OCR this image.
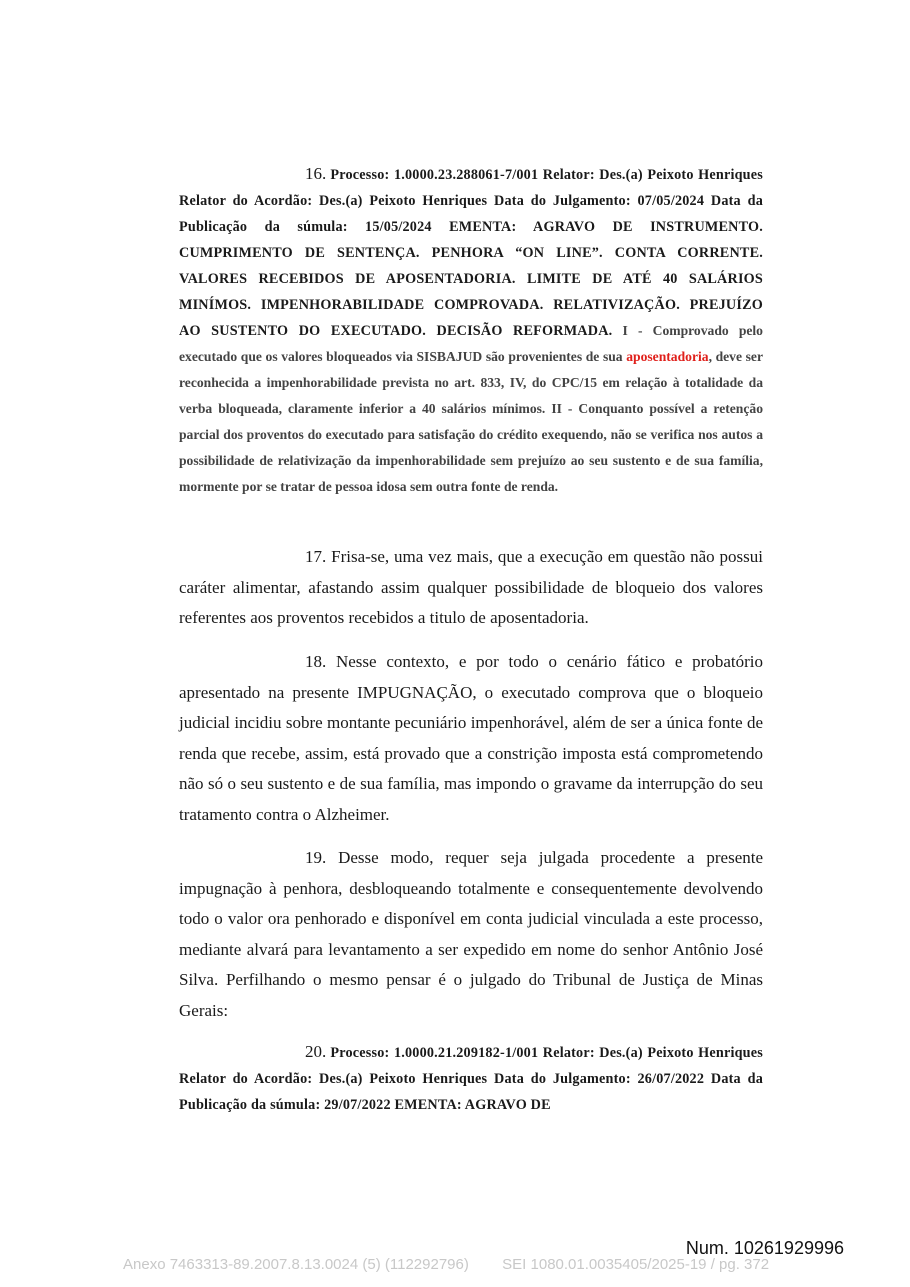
16. Processo: 1.0000.23.288061-7/001 Relator: Des.(a) Peixoto Henriques Relator do Acordão: Des.(a) Peixoto Henriques Data do Julgamento: 07/05/2024 Data da Publicação da súmula: 15/05/2024 EMENTA: AGRAVO DE INSTRUMENTO. CUMPRIMENTO DE SENTENÇA. PENHORA “ON LINE”. CONTA CORRENTE. VALORES RECEBIDOS DE APOSENTADORIA. LIMITE DE ATÉ 40 SALÁRIOS MINÍMOS. IMPENHORABILIDADE COMPROVADA. RELATIVIZAÇÃO. PREJUÍZO AO SUSTENTO DO EXECUTADO. DECISÃO REFORMADA. I - Comprovado pelo executado que os valores bloqueados via SISBAJUD são provenientes de sua aposentadoria, deve ser reconhecida a impenhorabilidade prevista no art. 833, IV, do CPC/15 em relação à totalidade da verba bloqueada, claramente inferior a 40 salários mínimos. II - Conquanto possível a retenção parcial dos proventos do executado para satisfação do crédito exequendo, não se verifica nos autos a possibilidade de relativização da impenhorabilidade sem prejuízo ao seu sustento e de sua família, mormente por se tratar de pessoa idosa sem outra fonte de renda.

17. Frisa-se, uma vez mais, que a execução em questão não possui caráter alimentar, afastando assim qualquer possibilidade de bloqueio dos valores referentes aos proventos recebidos a titulo de aposentadoria.

18. Nesse contexto, e por todo o cenário fático e probatório apresentado na presente IMPUGNAÇÃO, o executado comprova que o bloqueio judicial incidiu sobre montante pecuniário impenhorável, além de ser a única fonte de renda que recebe, assim, está provado que a constrição imposta está comprometendo não só o seu sustento e de sua família, mas impondo o gravame da interrupção do seu tratamento contra o Alzheimer.

19. Desse modo, requer seja julgada procedente a presente impugnação à penhora, desbloqueando totalmente e consequentemente devolvendo todo o valor ora penhorado e disponível em conta judicial vinculada a este processo, mediante alvará para levantamento a ser expedido em nome do senhor Antônio José Silva. Perfilhando o mesmo pensar é o julgado do Tribunal de Justiça de Minas Gerais:

20. Processo: 1.0000.21.209182-1/001 Relator: Des.(a) Peixoto Henriques Relator do Acordão: Des.(a) Peixoto Henriques Data do Julgamento: 26/07/2022 Data da Publicação da súmula: 29/07/2022 EMENTA: AGRAVO DE

Num. 10261929996
Anexo 7463313-89.2007.8.13.0024 (5) (112292796)        SEI 1080.01.0035405/2025-19 / pg. 372
